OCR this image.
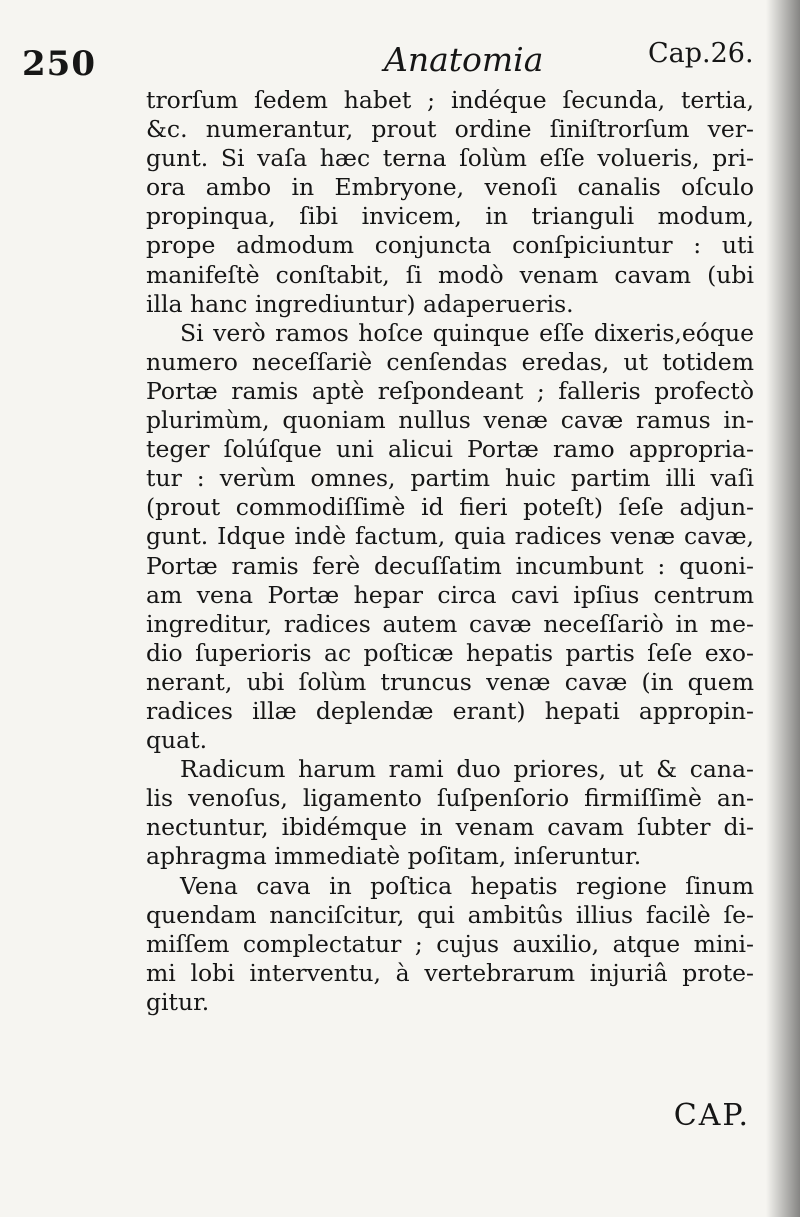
250	Anatomia	Cap.26.
trorſum ſedem habet ; indéque ſecunda, tertia,
&c. numerantur, prout ordine ſiniſtrorſum ver-
gunt. Si vaſa hæc terna ſolùm eſſe volueris, pri-
ora ambo in Embryone, venoſi canalis oſculo
propinqua, ſibi invicem, in trianguli modum,
prope admodum conjuncta conſpiciuntur : uti
manifeſtè conſtabit, ſi modò venam cavam (ubi
illa hanc ingrediuntur) adaperueris.
Si verò ramos hoſce quinque eſſe dixeris,eóque
numero neceſſariè cenſendas eredas, ut totidem
Portæ ramis aptè reſpondeant ; falleris profectò
plurimùm, quoniam nullus venæ cavæ ramus in-
teger ſolúſque uni alicui Portæ ramo appropria-
tur : verùm omnes, partim huic partim illi vaſi
(prout commodiſſimè id fieri poteſt) ſeſe adjun-
gunt. Idque indè factum, quia radices venæ cavæ,
Portæ ramis ferè decuſſatim incumbunt : quoni-
am vena Portæ hepar circa cavi ipſius centrum
ingreditur, radices autem cavæ neceſſariò in me-
dio ſuperioris ac poſticæ hepatis partis ſeſe exo-
nerant, ubi ſolùm truncus venæ cavæ (in quem
radices illæ deplendæ erant) hepati appropin-
quat.
Radicum harum rami duo priores, ut & cana-
lis venoſus, ligamento ſuſpenſorio firmiſſimè an-
nectuntur, ibidémque in venam cavam ſubter di-
aphragma immediatè poſitam, inſeruntur.
Vena cava in poſtica hepatis regione ſinum
quendam nanciſcitur, qui ambitûs illius facilè ſe-
miſſem complectatur ; cujus auxilio, atque mini-
mi lobi interventu, à vertebrarum injuriâ prote-
gitur.
CAP.
